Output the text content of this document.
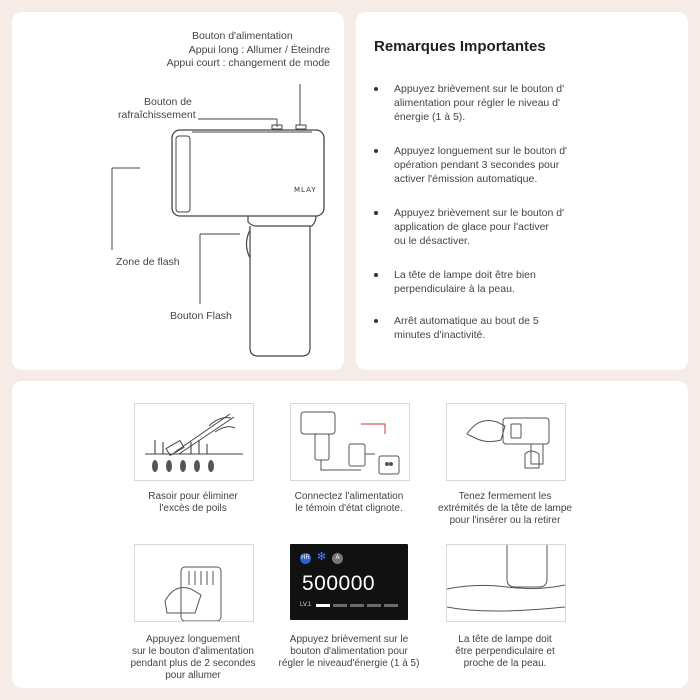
Bouton d'alimentation
Appui long : Allumer / Éteindre
Appui court : changement de mode
Bouton de
rafraîchissement
Zone de flash
Bouton Flash
MLAY
Remarques Importantes
Appuyez brièvement sur le bouton d'
alimentation pour régler le niveau d'
énergie (1 à 5).
Appuyez longuement sur le bouton d'
opération pendant 3 secondes pour
activer l'émission automatique.
Appuyez brièvement sur le bouton d'
application de glace pour l'activer
ou le désactiver.
La tête de lampe doit être bien
perpendiculaire à la peau.
Arrêt automatique au bout de 5
minutes d'inactivité.
Rasoir pour éliminer
l'excès de poils
Connectez l'alimentation
le témoin d'état clignote.
Tenez fermement les
extrémités de la tête de lampe
pour l'insérer ou la retirer
Appuyez longuement
sur le bouton d'alimentation
pendant plus de 2 secondes
pour allumer
HR ✻	A
500000
LV.1
Appuyez brièvement sur le
bouton d'alimentation pour
régler le niveaud'énergie (1 à 5)
La tête de lampe doit
être perpendiculaire et
proche de la peau.
